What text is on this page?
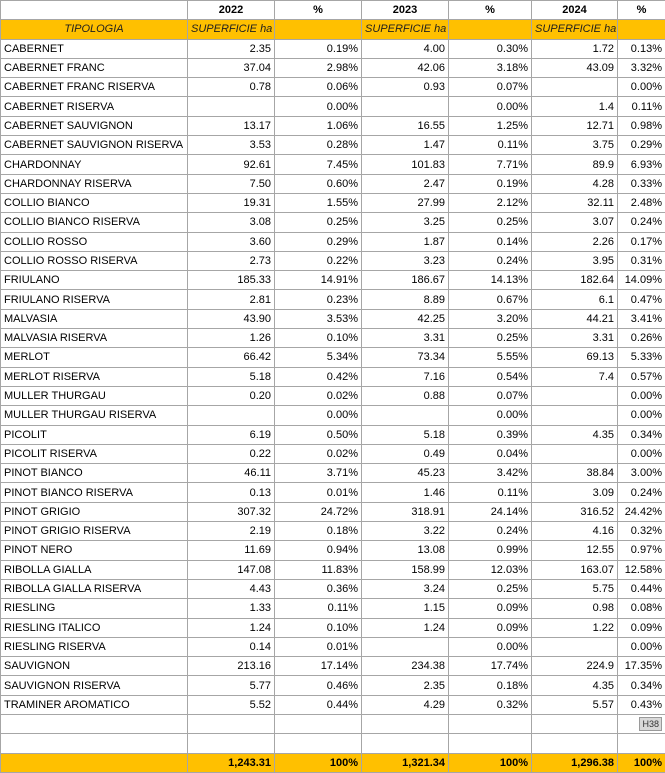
	2022	%	2023	%	2024	%
TIPOLOGIA	SUPERFICIE ha		SUPERFICIE ha		SUPERFICIE ha	
CABERNET	2.35	0.19%	4.00	0.30%	1.72	0.13%
CABERNET FRANC	37.04	2.98%	42.06	3.18%	43.09	3.32%
CABERNET FRANC RISERVA	0.78	0.06%	0.93	0.07%		0.00%
CABERNET RISERVA		0.00%		0.00%	1.4	0.11%
CABERNET SAUVIGNON	13.17	1.06%	16.55	1.25%	12.71	0.98%
CABERNET SAUVIGNON RISERVA	3.53	0.28%	1.47	0.11%	3.75	0.29%
CHARDONNAY	92.61	7.45%	101.83	7.71%	89.9	6.93%
CHARDONNAY RISERVA	7.50	0.60%	2.47	0.19%	4.28	0.33%
COLLIO BIANCO	19.31	1.55%	27.99	2.12%	32.11	2.48%
COLLIO BIANCO RISERVA	3.08	0.25%	3.25	0.25%	3.07	0.24%
COLLIO ROSSO	3.60	0.29%	1.87	0.14%	2.26	0.17%
COLLIO ROSSO RISERVA	2.73	0.22%	3.23	0.24%	3.95	0.31%
FRIULANO	185.33	14.91%	186.67	14.13%	182.64	14.09%
FRIULANO RISERVA	2.81	0.23%	8.89	0.67%	6.1	0.47%
MALVASIA	43.90	3.53%	42.25	3.20%	44.21	3.41%
MALVASIA RISERVA	1.26	0.10%	3.31	0.25%	3.31	0.26%
MERLOT	66.42	5.34%	73.34	5.55%	69.13	5.33%
MERLOT RISERVA	5.18	0.42%	7.16	0.54%	7.4	0.57%
MULLER THURGAU	0.20	0.02%	0.88	0.07%		0.00%
MULLER THURGAU RISERVA		0.00%		0.00%		0.00%
PICOLIT	6.19	0.50%	5.18	0.39%	4.35	0.34%
PICOLIT RISERVA	0.22	0.02%	0.49	0.04%		0.00%
PINOT BIANCO	46.11	3.71%	45.23	3.42%	38.84	3.00%
PINOT BIANCO RISERVA	0.13	0.01%	1.46	0.11%	3.09	0.24%
PINOT GRIGIO	307.32	24.72%	318.91	24.14%	316.52	24.42%
PINOT GRIGIO RISERVA	2.19	0.18%	3.22	0.24%	4.16	0.32%
PINOT NERO	11.69	0.94%	13.08	0.99%	12.55	0.97%
RIBOLLA GIALLA	147.08	11.83%	158.99	12.03%	163.07	12.58%
RIBOLLA GIALLA RISERVA	4.43	0.36%	3.24	0.25%	5.75	0.44%
RIESLING	1.33	0.11%	1.15	0.09%	0.98	0.08%
RIESLING ITALICO	1.24	0.10%	1.24	0.09%	1.22	0.09%
RIESLING RISERVA	0.14	0.01%		0.00%		0.00%
SAUVIGNON	213.16	17.14%	234.38	17.74%	224.9	17.35%
SAUVIGNON RISERVA	5.77	0.46%	2.35	0.18%	4.35	0.34%
TRAMINER AROMATICO	5.52	0.44%	4.29	0.32%	5.57	0.43%
						H38

	1,243.31	100%	1,321.34	100%	1,296.38	100%
